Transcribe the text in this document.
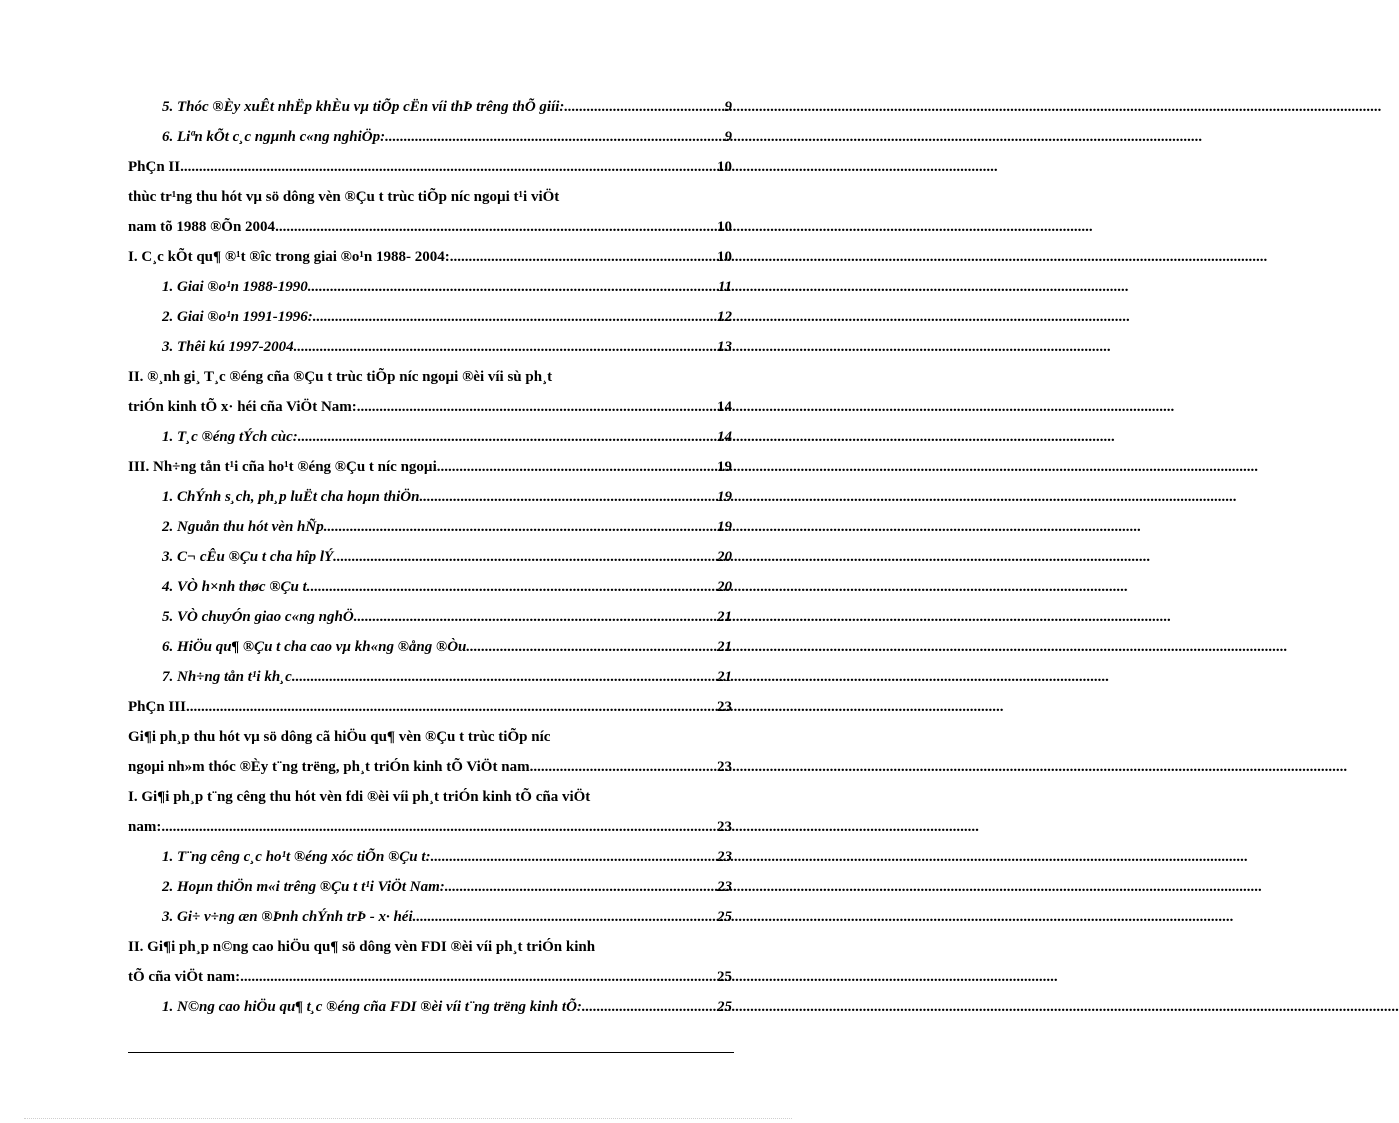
5. Thóc ®Èy xuÊt nhËp khÈu vµ tiÕp cËn víi thÞ trêng thÕ giíi: .....	9
6. Liªn kÕt c¸c ngµnh c«ng nghiÖp: .....	9
PhÇn II .....	10
thùc tr¹ng thu hót vµ sö dông vèn ®Çu t trùc tiÕp níc ngoµi t¹i viÖt
nam tõ 1988 ®Õn 2004 .....	10
I. C¸c kÕt qu¶ ®¹t ®îc trong giai ®o¹n 1988- 2004: .....	10
1. Giai ®o¹n 1988-1990. .....	11
2. Giai ®o¹n 1991-1996: .....	12
3. Thêi kú 1997-2004 .....	13
II. ®¸nh gi¸ T¸c ®éng cña ®Çu t trùc tiÕp níc ngoµi ®èi víi sù ph¸t
triÓn kinh tÕ x· héi cña ViÖt Nam: .....	14
1. T¸c ®éng tÝch cùc: .....	14
III. Nh÷ng tån t¹i cña ho¹t ®éng ®Çu t níc ngoµi. .....	19
1. ChÝnh s¸ch, ph¸p luËt cha hoµn thiÖn .....	19
2. Nguån thu hót vèn hÑp .....	19
3. C¬ cÊu ®Çu t cha hîp lÝ .....	20
4. VÒ h×nh thøc ®Çu t. .....	20
5. VÒ chuyÓn giao c«ng nghÖ .....	21
6. HiÖu qu¶ ®Çu t cha cao vµ kh«ng ®ång ®Òu. .....	21
7. Nh÷ng tån t¹i kh¸c .....	21
PhÇn III .....	23
Gi¶i ph¸p thu hót vµ sö dông cã hiÖu qu¶ vèn ®Çu t trùc tiÕp níc
ngoµi nh»m thóc ®Èy t¨ng trëng, ph¸t triÓn kinh tÕ ViÖt nam .....	23
I. Gi¶i ph¸p t¨ng cêng thu hót vèn fdi ®èi víi ph¸t triÓn kinh tÕ cña viÖt
nam: .....	23
1. T¨ng cêng c¸c ho¹t ®éng xóc tiÕn ®Çu t: .....	23
2. Hoµn thiÖn m«i trêng ®Çu t t¹i ViÖt Nam: .....	23
3. Gi÷ v÷ng æn ®Þnh chÝnh trÞ - x· héi. .....	25
II. Gi¶i ph¸p n©ng cao hiÖu qu¶ sö dông vèn FDI ®èi víi ph¸t triÓn kinh
tÕ cña viÖt nam: .....	25
1. N©ng cao hiÖu qu¶ t¸c ®éng cña FDI ®èi víi t¨ng trëng kinh tÕ: .....	25
